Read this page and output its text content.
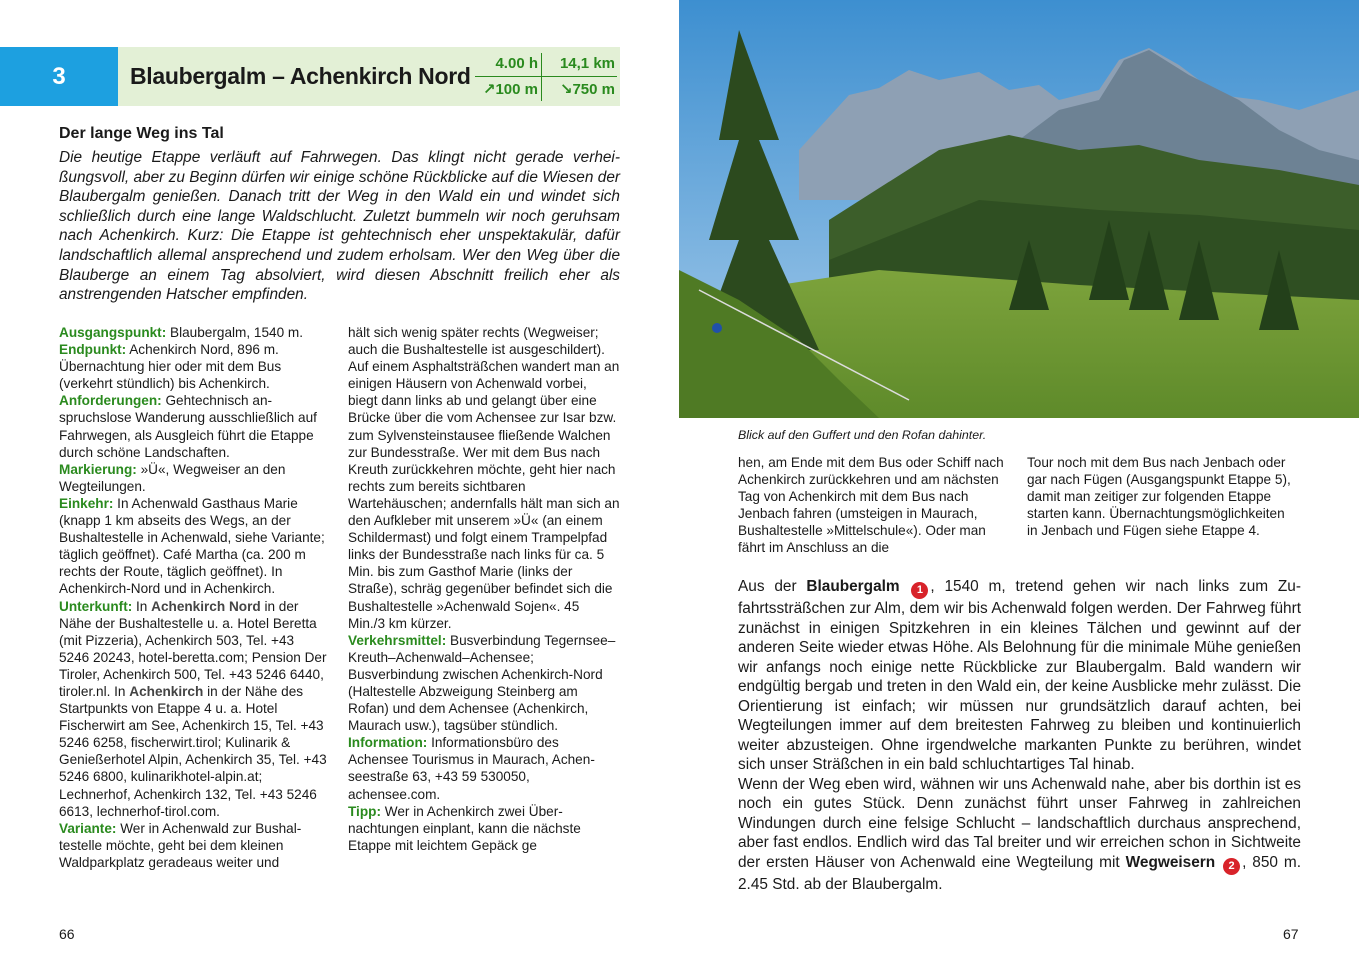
3	Blaubergalm – Achenkirch Nord	4.00 h	14,1 km
↗100 m	↘750 m
Der lange Weg ins Tal

Die heutige Etappe verläuft auf Fahrwegen. Das klingt nicht gerade verheißungsvoll, aber zu Beginn dürfen wir einige schöne Rückblicke auf die Wiesen der Blaubergalm genießen. Danach tritt der Weg in den Wald ein und windet sich schließlich durch eine lange Waldschlucht. Zuletzt bummeln wir noch geruhsam nach Achenkirch. Kurz: Die Etappe ist gehtechnisch eher unspektakulär, dafür landschaftlich allemal ansprechend und zudem erholsam. Wer den Weg über die Blauberge an einem Tag absolviert, wird diesen Abschnitt freilich eher als anstrengenden Hatscher empfinden.

Ausgangspunkt: Blaubergalm, 1540 m.

Endpunkt: Achenkirch Nord, 896 m. Übernachtung hier oder mit dem Bus (verkehrt stündlich) bis Achenkirch.

Anforderungen: Gehtechnisch anspruchslose Wanderung ausschließlich auf Fahrwegen, als Ausgleich führt die Etappe durch schöne Landschaften.

Markierung: »Ü«, Wegweiser an den Wegteilungen.

Einkehr: In Achenwald Gasthaus Marie (knapp 1 km abseits des Wegs, an der Bushaltestelle in Achenwald, siehe Variante; täglich geöffnet). Café Martha (ca. 200 m rechts der Route, täglich geöffnet). In Achenkirch-Nord und in Achenkirch.

Unterkunft: In Achenkirch Nord in der Nähe der Bushaltestelle u. a. Hotel Beretta (mit Pizzeria), Achenkirch 503, Tel. +43 5246 20243, hotel-beretta.com; Pension Der Tiroler, Achenkirch 500, Tel. +43 5246 6440, tiroler.nl. In Achenkirch in der Nähe des Startpunkts von Etappe 4 u. a. Hotel Fischerwirt am See, Achenkirch 15, Tel. +43 5246 6258, fischerwirt.tirol; Kulinarik & Genießerhotel Alpin, Achenkirch 35, Tel. +43 5246 6800, kulinarikhotel-alpin.at; Lechnerhof, Achenkirch 132, Tel. +43 5246 6613, lechnerhof-tirol.com.

Variante: Wer in Achenwald zur Bushaltestelle möchte, geht bei dem kleinen Waldparkplatz geradeaus weiter und

hält sich wenig später rechts (Wegweiser; auch die Bushaltestelle ist ausgeschildert). Auf einem Asphaltsträßchen wandert man an einigen Häusern von Achenwald vorbei, biegt dann links ab und gelangt über eine Brücke über die vom Achensee zur Isar bzw. zum Sylvensteinstausee fließende Walchen zur Bundesstraße. Wer mit dem Bus nach Kreuth zurückkehren möchte, geht hier nach rechts zum bereits sichtbaren Wartehäuschen; andernfalls hält man sich an den Aufkleber mit unserem »Ü« (an einem Schildermast) und folgt einem Trampelpfad links der Bundesstraße nach links für ca. 5 Min. bis zum Gasthof Marie (links der Straße), schräg gegenüber befindet sich die Bushaltestelle »Achenwald Sojen«. 45 Min./3 km kürzer.

Verkehrsmittel: Busverbindung Tegernsee–Kreuth–Achenwald–Achensee; Busverbindung zwischen Achenkirch-Nord (Haltestelle Abzweigung Steinberg am Rofan) und dem Achensee (Achenkirch, Maurach usw.), tagsüber stündlich.

Information: Informationsbüro des Achensee Tourismus in Maurach, Achenseestraße 63, +43 59 530050, achensee.com.

Tipp: Wer in Achenkirch zwei Übernachtungen einplant, kann die nächste Etappe mit leichtem Gepäck ge

66
Blick auf den Guffert und den Rofan dahinter.

hen, am Ende mit dem Bus oder Schiff nach Achenkirch zurückkehren und am nächsten Tag von Achenkirch mit dem Bus nach Jenbach fahren (umsteigen in Maurach, Bushaltestelle »Mittelschule«). Oder man fährt im Anschluss an die

Tour noch mit dem Bus nach Jenbach oder gar nach Fügen (Ausgangspunkt Etappe 5), damit man zeitiger zur folgenden Etappe starten kann. Übernachtungsmöglichkeiten in Jenbach und Fügen siehe Etappe 4.

Aus der Blaubergalm 1 , 1540 m, tretend gehen wir nach links zum Zufahrtssträßchen zur Alm, dem wir bis Achenwald folgen werden. Der Fahrweg führt zunächst in einigen Spitzkehren in ein kleines Tälchen und gewinnt auf der anderen Seite wieder etwas Höhe. Als Belohnung für die minimale Mühe genießen wir anfangs noch einige nette Rückblicke zur Blaubergalm. Bald wandern wir endgültig bergab und treten in den Wald ein, der keine Ausblicke mehr zulässt. Die Orientierung ist einfach; wir müssen nur grundsätzlich darauf achten, bei Wegteilungen immer auf dem breitesten Fahrweg zu bleiben und kontinuierlich weiter abzusteigen. Ohne irgendwelche markanten Punkte zu berühren, windet sich unser Sträßchen in ein bald schluchtartiges Tal hinab.

Wenn der Weg eben wird, wähnen wir uns Achenwald nahe, aber bis dorthin ist es noch ein gutes Stück. Denn zunächst führt unser Fahrweg in zahlreichen Windungen durch eine felsige Schlucht – landschaftlich durchaus ansprechend, aber fast endlos. Endlich wird das Tal breiter und wir erreichen schon in Sichtweite der ersten Häuser von Achenwald eine Wegteilung mit Wegweisern 2 , 850 m. 2.45 Std. ab der Blaubergalm.

67
